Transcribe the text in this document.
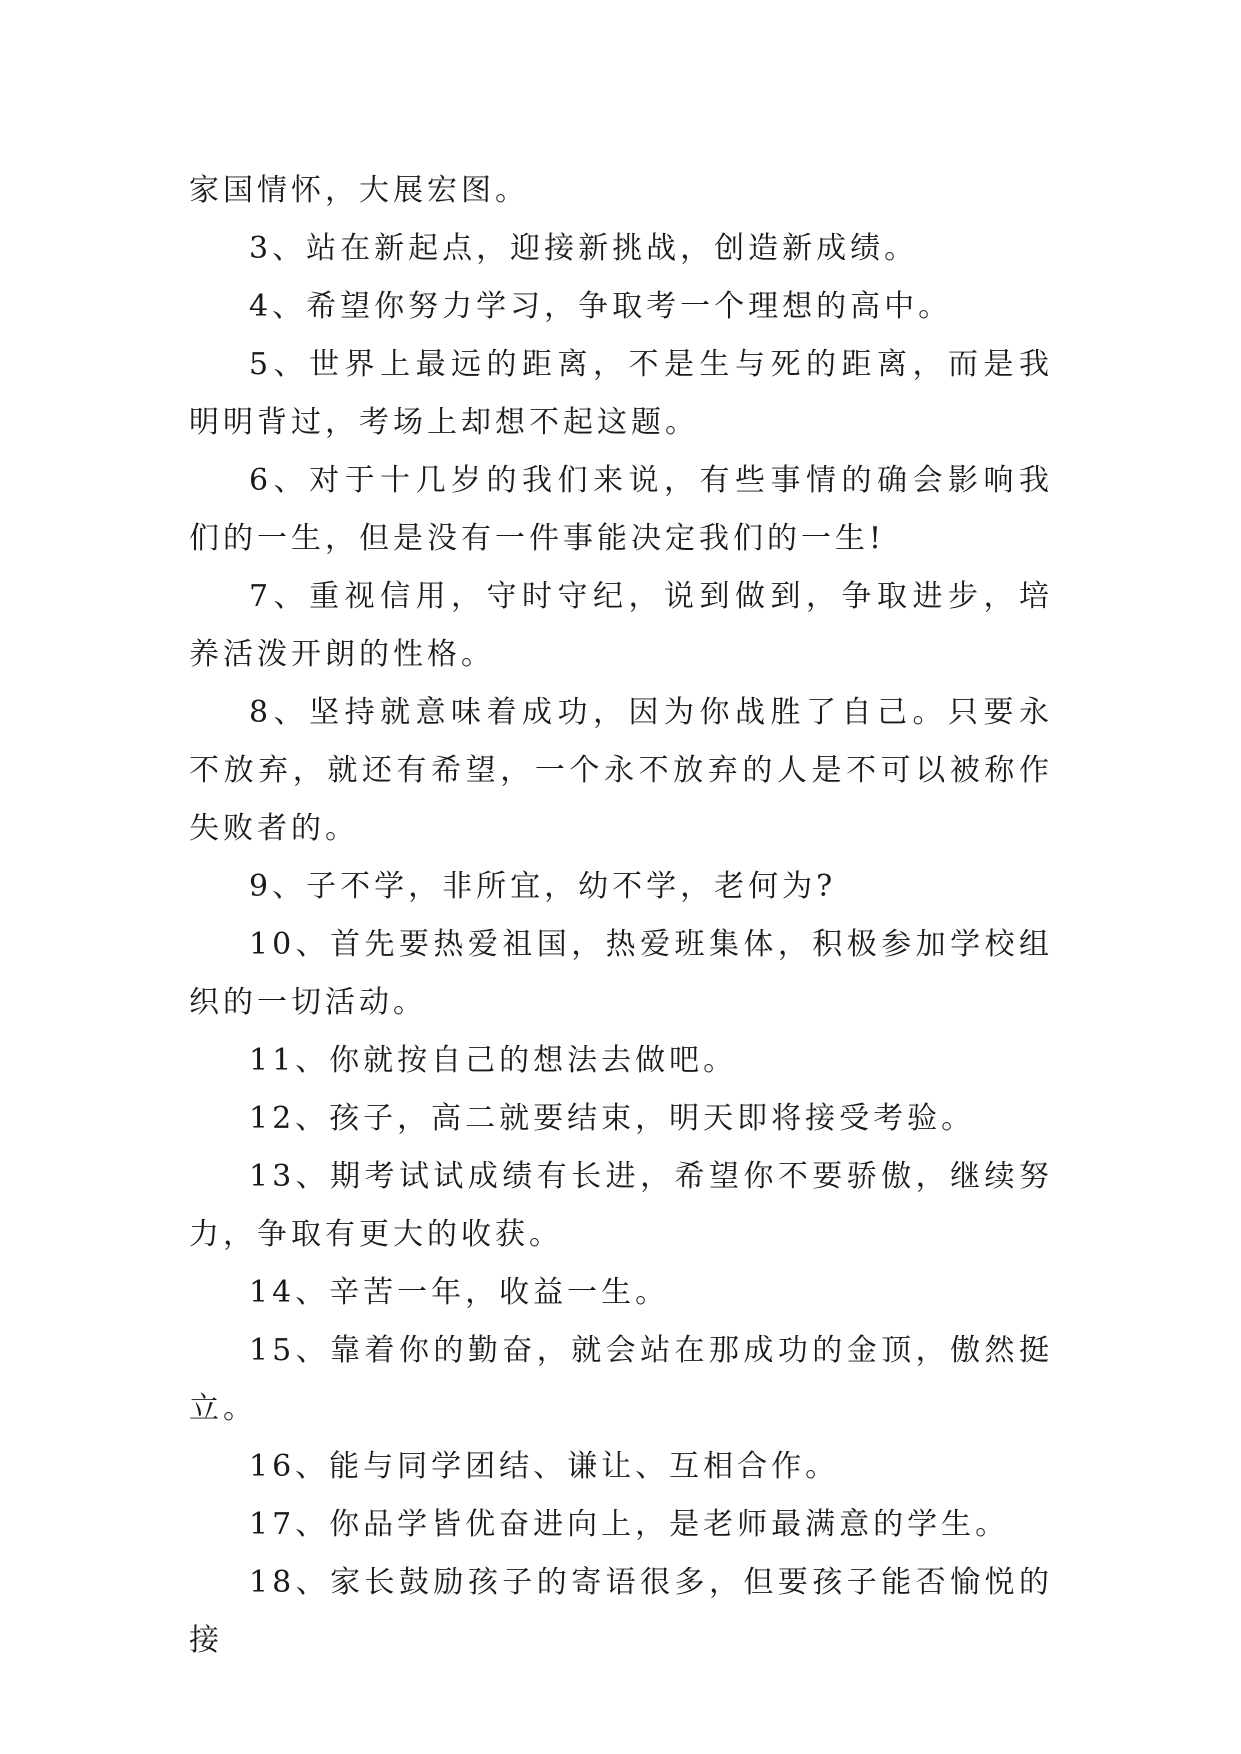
家国情怀，大展宏图。

3、站在新起点，迎接新挑战，创造新成绩。

4、希望你努力学习，争取考一个理想的高中。

5、世界上最远的距离，不是生与死的距离，而是我明明背过，考场上却想不起这题。

6、对于十几岁的我们来说，有些事情的确会影响我们的一生，但是没有一件事能决定我们的一生!

7、重视信用，守时守纪，说到做到，争取进步，培养活泼开朗的性格。

8、坚持就意味着成功，因为你战胜了自己。只要永不放弃，就还有希望，一个永不放弃的人是不可以被称作失败者的。

9、子不学，非所宜，幼不学，老何为?

10、首先要热爱祖国，热爱班集体，积极参加学校组织的一切活动。

11、你就按自己的想法去做吧。

12、孩子，高二就要结束，明天即将接受考验。

13、期考试试成绩有长进，希望你不要骄傲，继续努力，争取有更大的收获。

14、辛苦一年，收益一生。

15、靠着你的勤奋，就会站在那成功的金顶，傲然挺立。

16、能与同学团结、谦让、互相合作。

17、你品学皆优奋进向上，是老师最满意的学生。

18、家长鼓励孩子的寄语很多，但要孩子能否愉悦的接
